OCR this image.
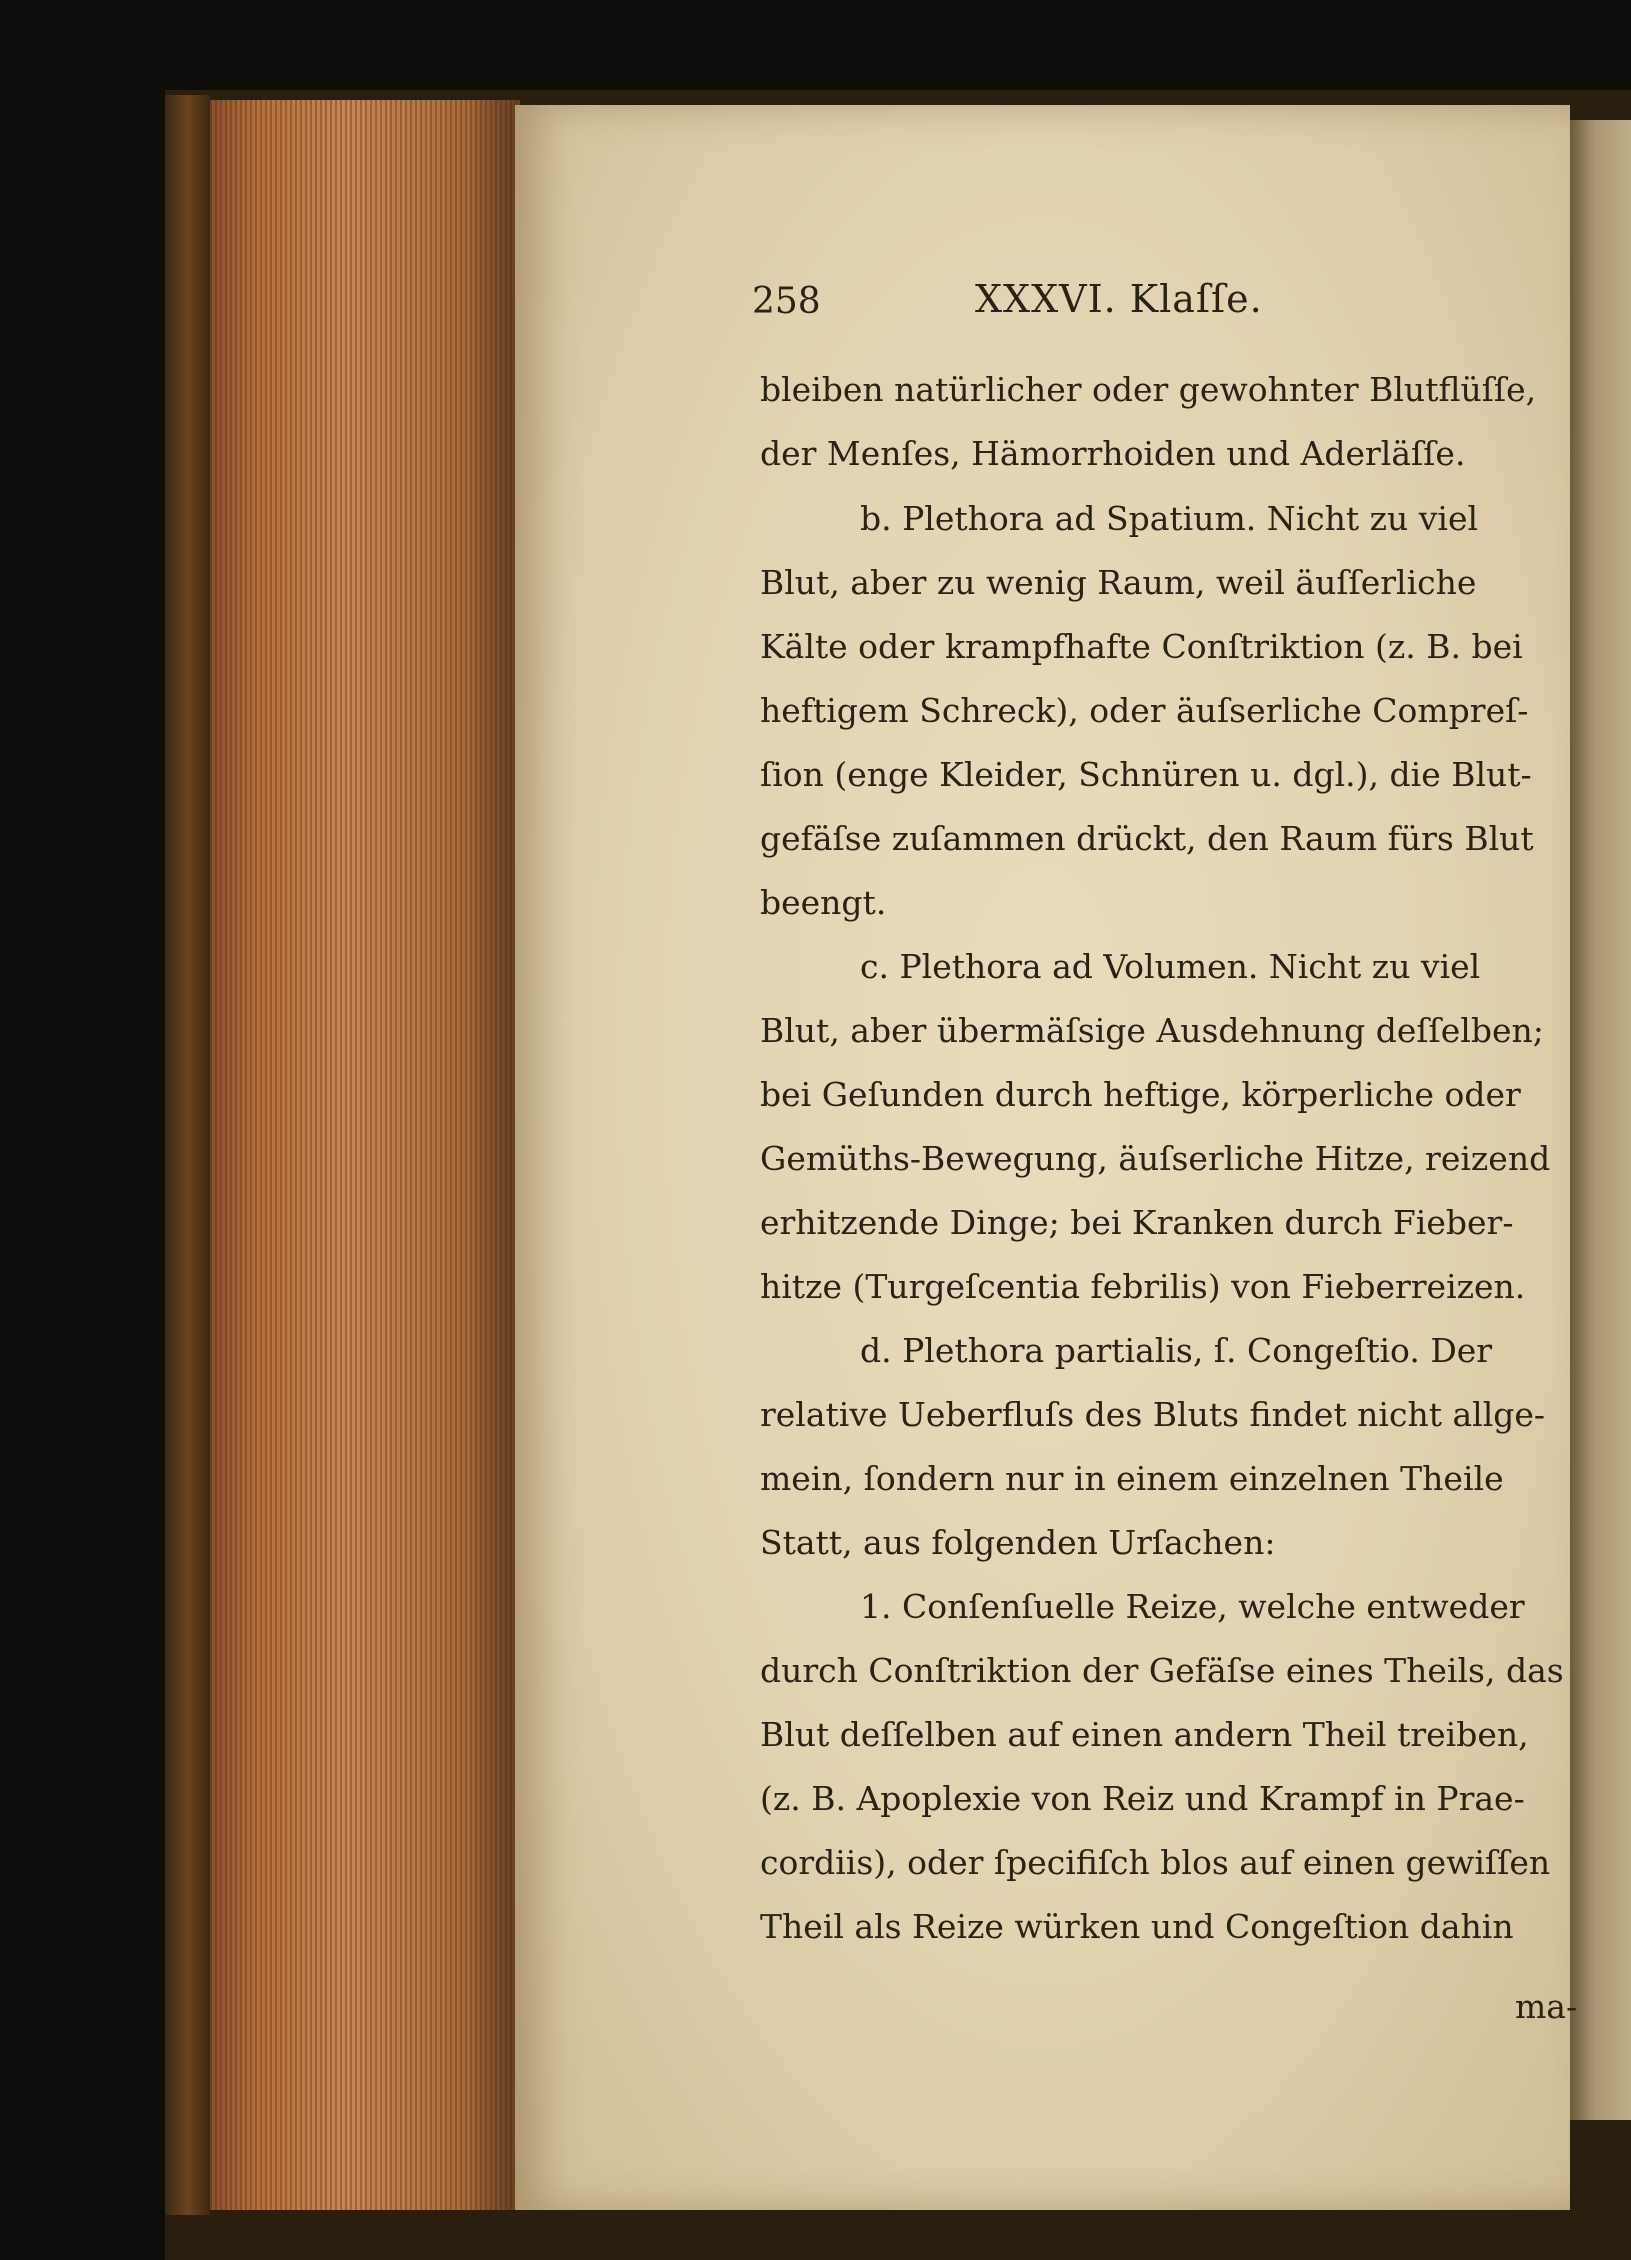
258	XXXVI. Klaſſe.
bleiben natürlicher oder gewohnter Blutflüſſe,
der Menſes, Hämorrhoiden und Aderläſſe.
b. Plethora ad Spatium. Nicht zu viel
Blut, aber zu wenig Raum, weil äuſſerliche
Kälte oder krampfhafte Conſtriktion (z. B. bei
heftigem Schreck), oder äuſserliche Compreſ-
ſion (enge Kleider, Schnüren u. dgl.), die Blut-
gefäſse zuſammen drückt, den Raum fürs Blut
beengt.
c. Plethora ad Volumen. Nicht zu viel
Blut, aber übermäſsige Ausdehnung deſſelben;
bei Geſunden durch heftige, körperliche oder
Gemüths-Bewegung, äuſserliche Hitze, reizend
erhitzende Dinge; bei Kranken durch Fieber-
hitze (Turgeſcentia febrilis) von Fieberreizen.
d. Plethora partialis, ſ. Congeſtio. Der
relative Ueberfluſs des Bluts findet nicht allge-
mein, ſondern nur in einem einzelnen Theile
Statt, aus folgenden Urſachen:
1. Conſenſuelle Reize, welche entweder
durch Conſtriktion der Gefäſse eines Theils, das
Blut deſſelben auf einen andern Theil treiben,
(z. B. Apoplexie von Reiz und Krampf in Prae-
cordiis), oder ſpecifiſch blos auf einen gewiſſen
Theil als Reize würken und Congeſtion dahin
ma-
